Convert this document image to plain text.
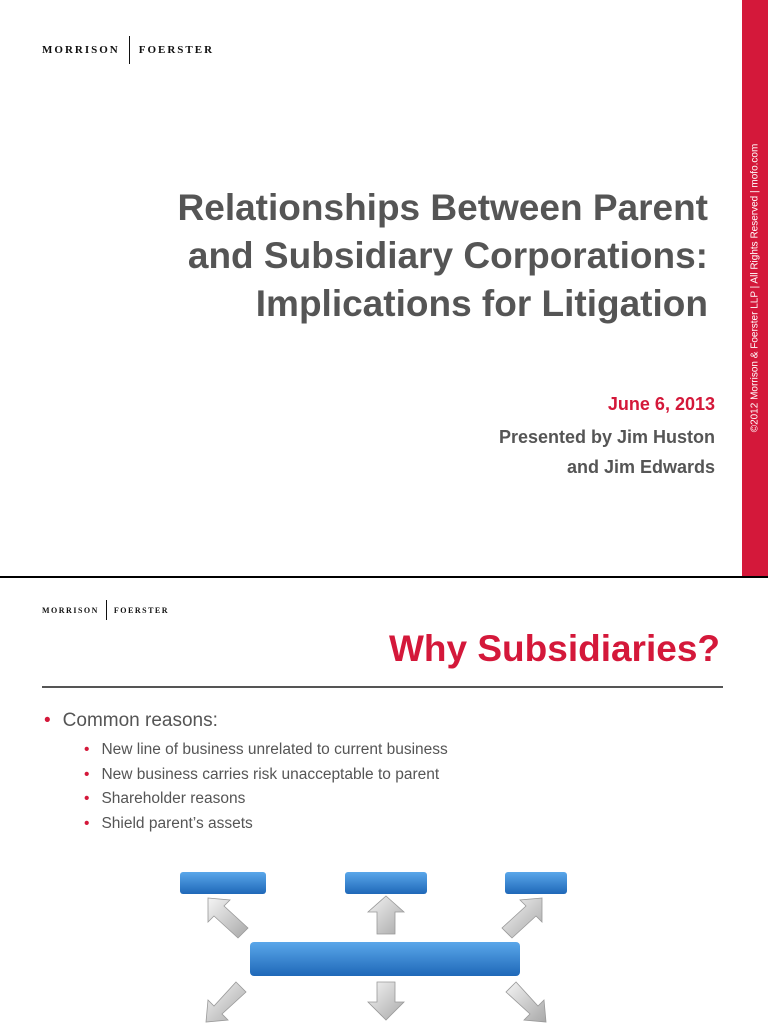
MORRISON FOERSTER
Relationships Between Parent
and Subsidiary Corporations:
Implications for Litigation
June 6, 2013
Presented by Jim Huston
and Jim Edwards
©2012 Morrison & Foerster LLP | All Rights Reserved | mofo.com
MORRISON FOERSTER
Why Subsidiaries?
• Common reasons:
• New line of business unrelated to current business
• New business carries risk unacceptable to parent
• Shareholder reasons
• Shield parent’s assets
